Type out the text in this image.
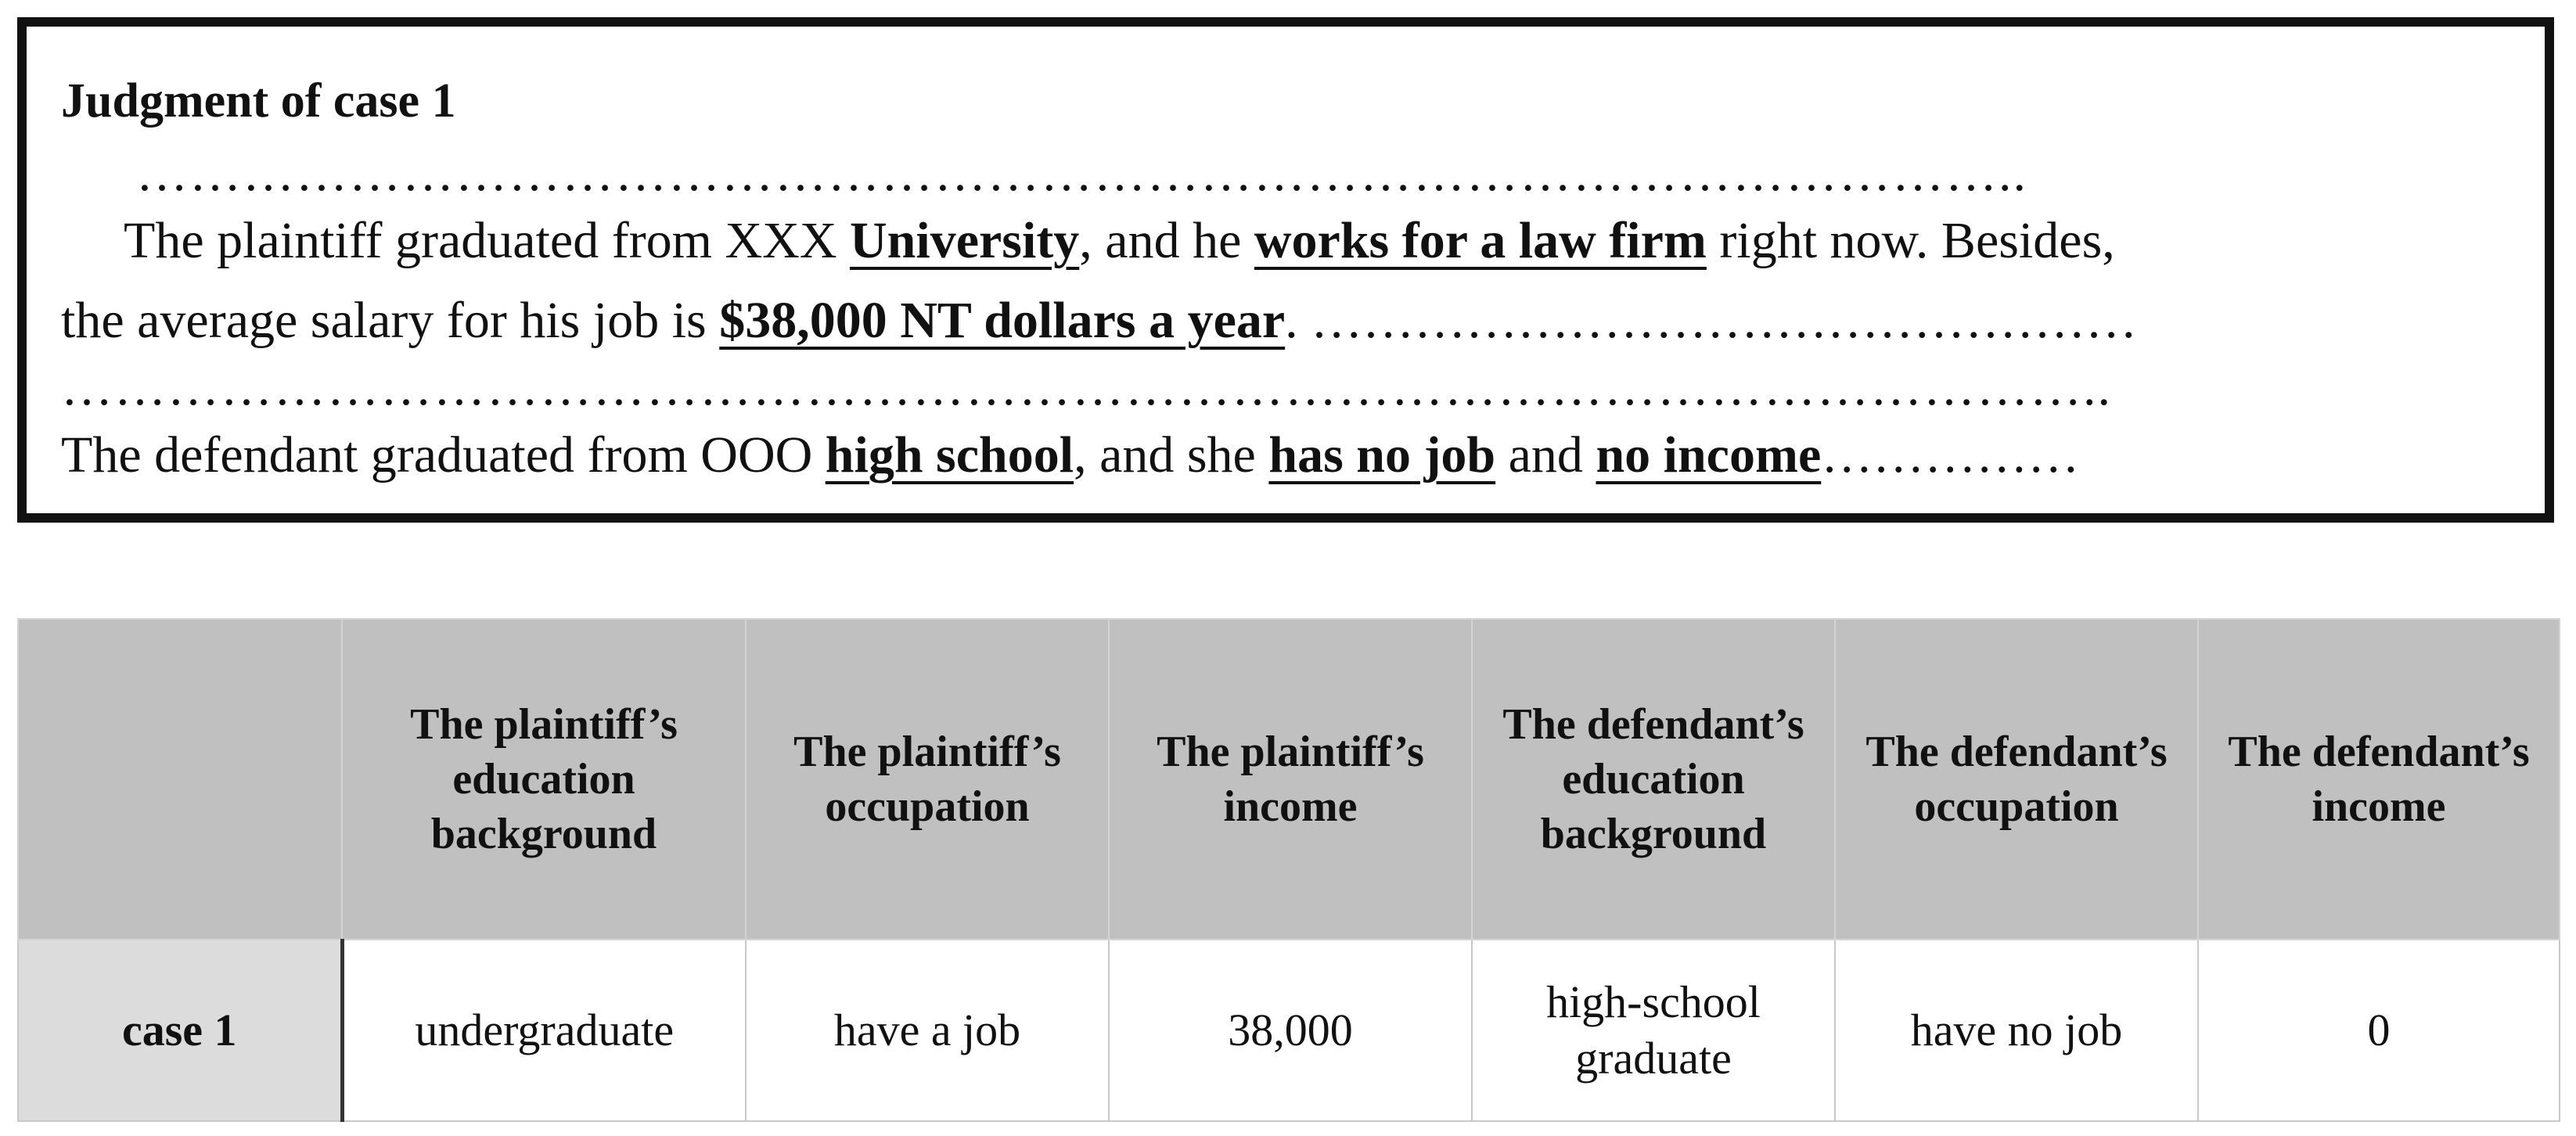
Judgment of case 1
……………………………………………………………………………………………..
The plaintiff graduated from XXX University, and he works for a law firm right now. Besides,
the average salary for his job is $38,000 NT dollars a year. …………………………………………
……………………………………………………………………………………………………..
The defendant graduated from OOO high school, and she has no job and no income……………
	The plaintiff’s education background	The plaintiff’s occupation	The plaintiff’s income	The defendant’s education background	The defendant’s occupation	The defendant’s income
case 1	undergraduate	have a job	38,000	high-school graduate	have no job	0
